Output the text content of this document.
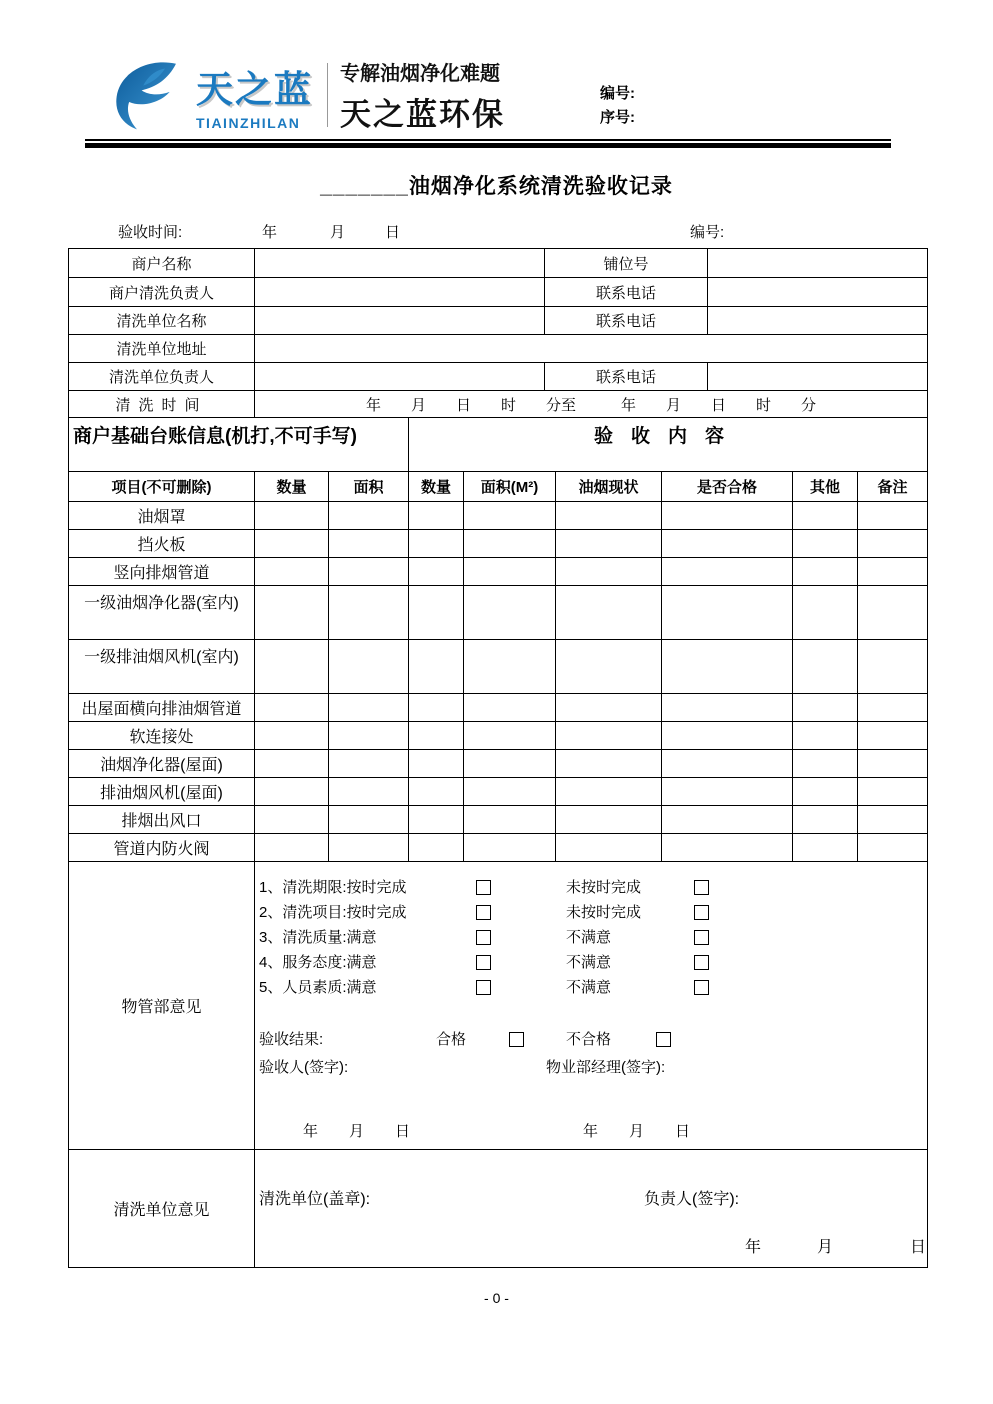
天之蓝
TIAINZHILAN
专解油烟净化难题
天之蓝环保
编号:
序号:
_______油烟净化系统清洗验收记录
验收时间:	年	月	日	编号:
商户名称		铺位号	
商户清洗负责人		联系电话	
清洗单位名称		联系电话	
清洗单位地址			
清洗单位负责人		联系电话	
清洗时间	年　　月　　日　　时　　分至　　　年　　月　　日　　时　　分		
商户基础台账信息(机打,不可手写)			验收内容					
项目(不可删除)	数量	面积	数量	面积(M²)	油烟现状	是否合格	其他	备注
油烟罩								
挡火板								
竖向排烟管道								
一级油烟净化器(室内)								
一级排油烟风机(室内)								
出屋面横向排油烟管道								
软连接处								
油烟净化器(屋面)								
排油烟风机(屋面)								
排烟出风口								
管道内防火阀								
物管部意见	
1、清洗期限:按时完成	未按时完成
2、清洗项目:按时完成	未按时完成
3、清洗质量:满意	不满意
4、服务态度:满意	不满意
5、人员素质:满意	不满意
验收结果:	合格	不合格
验收人(签字):	物业部经理(签字):
年　月　日	年　月　日

清洗单位意见	清洗单位(盖章): 负责人(签字):
年 月 日							
- 0 -
